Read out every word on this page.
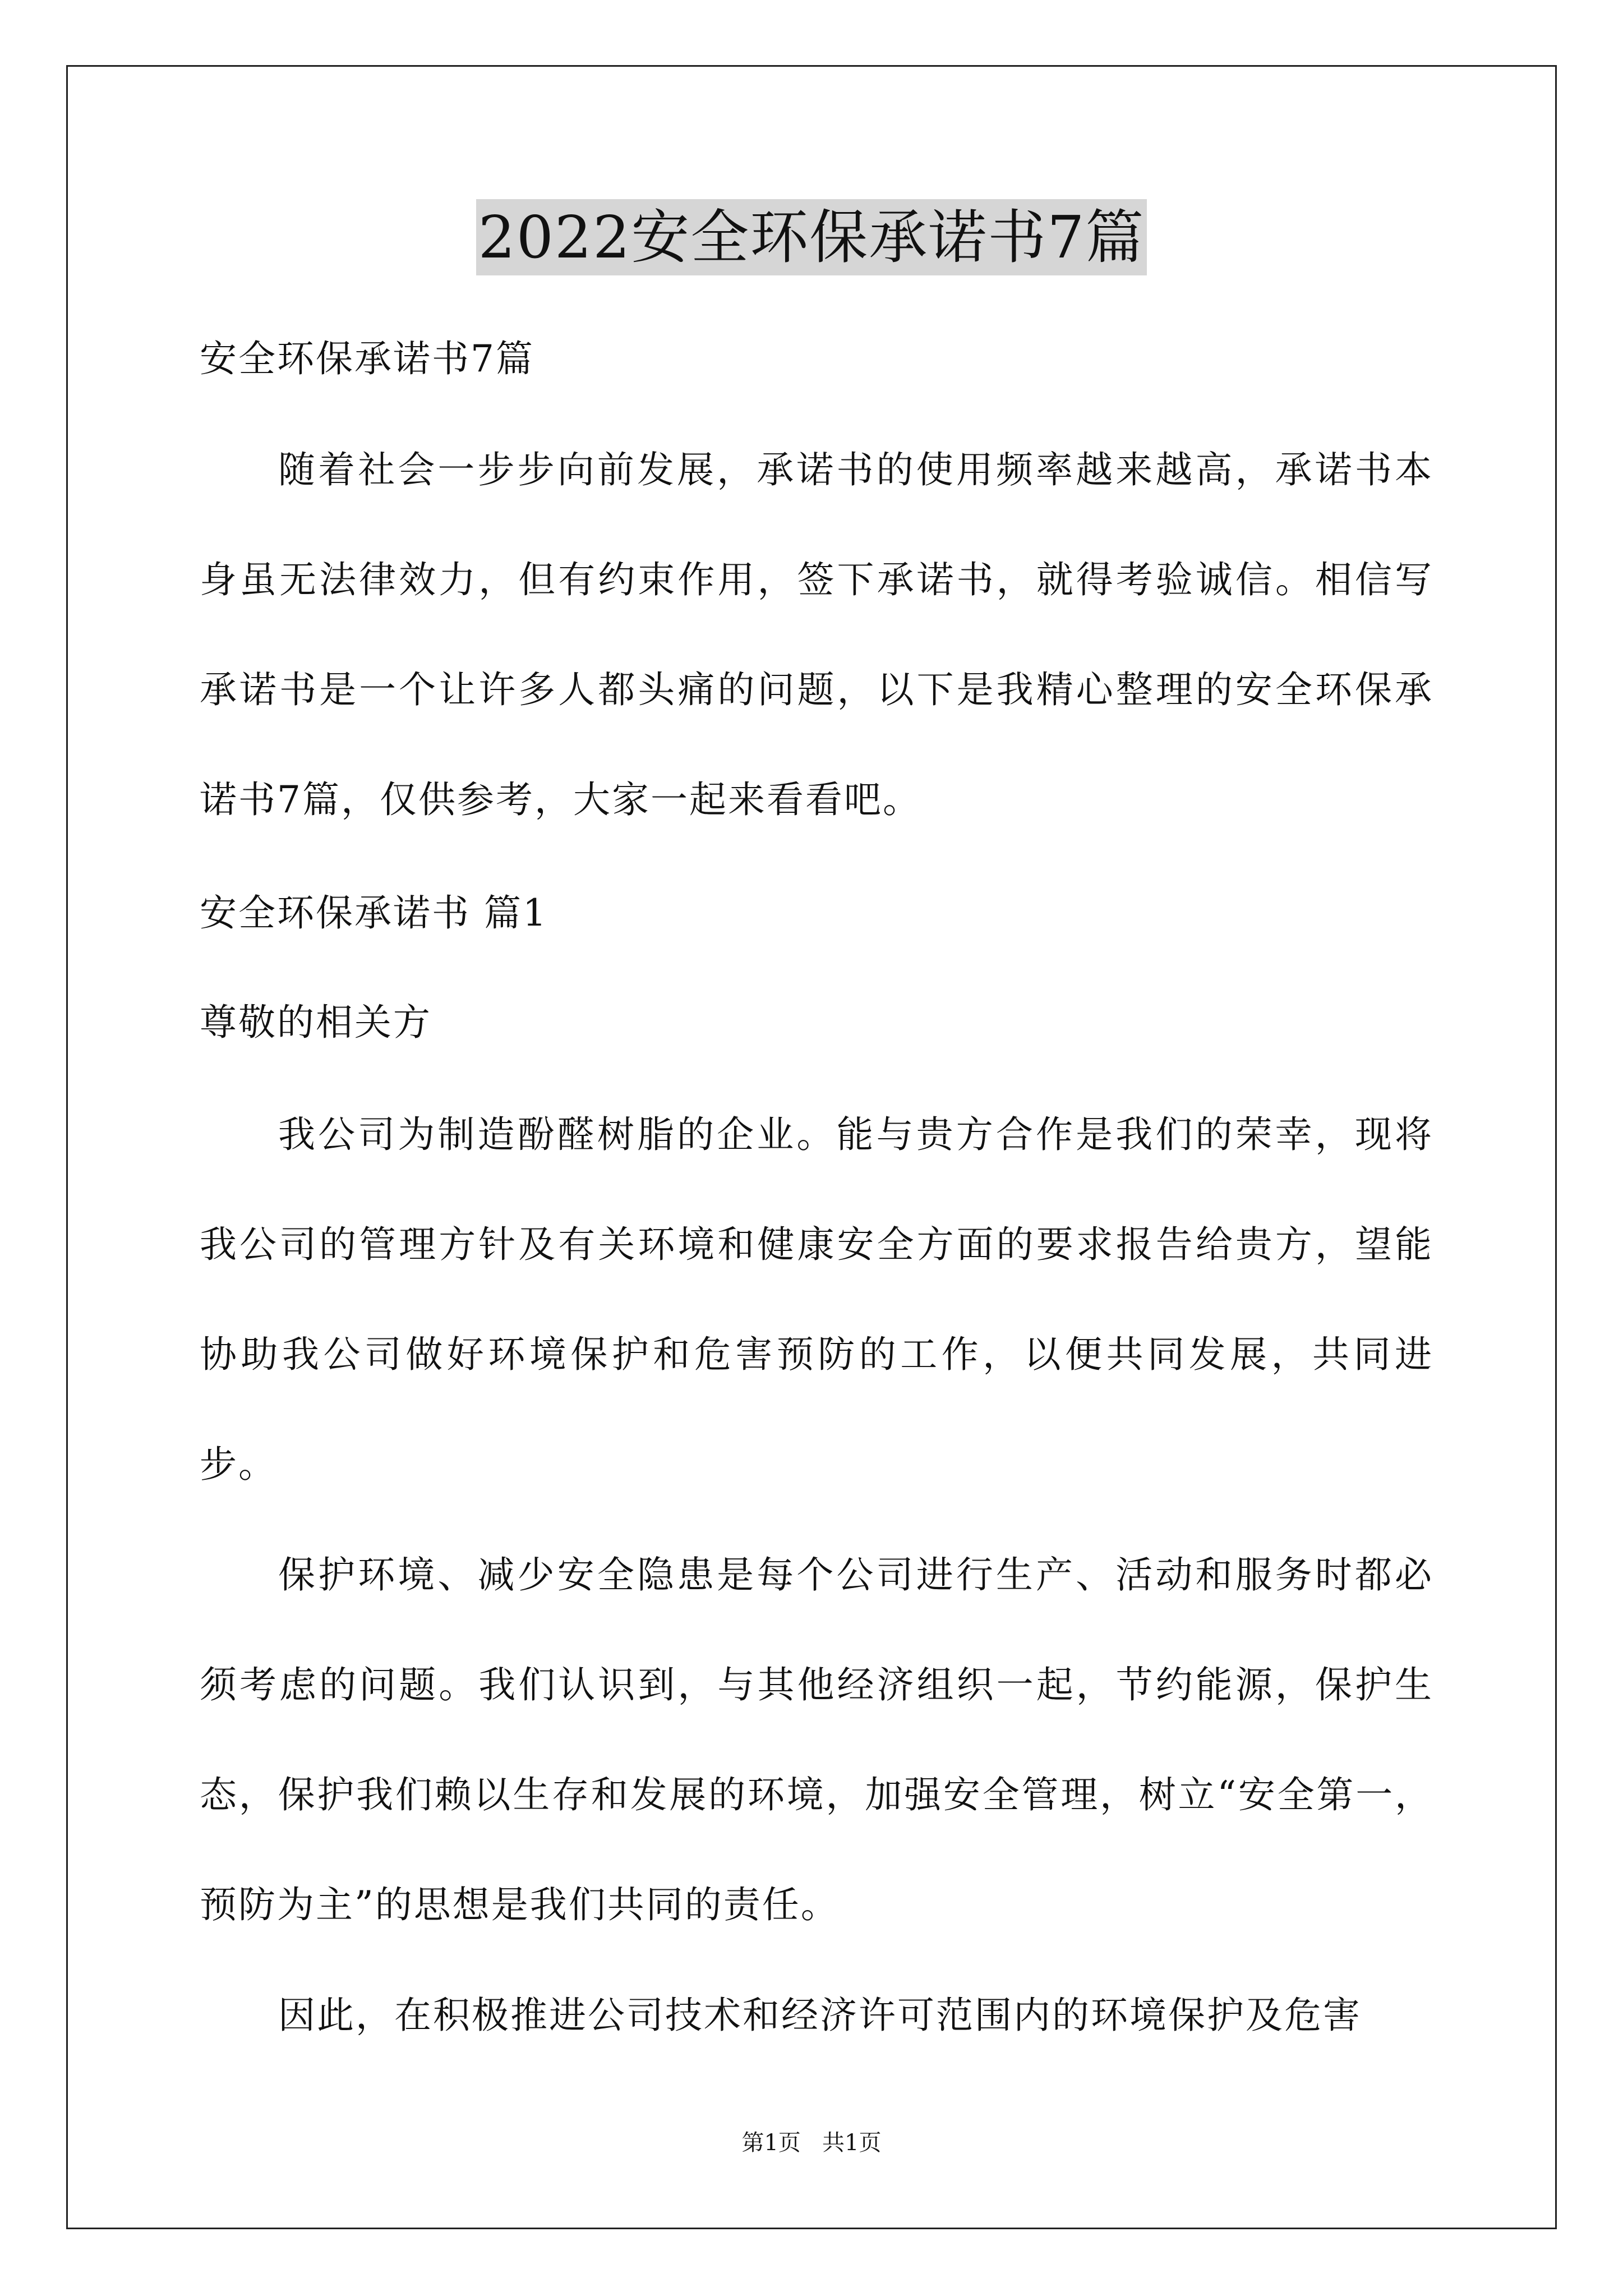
2022安全环保承诺书7篇

安全环保承诺书7篇

随着社会一步步向前发展，承诺书的使用频率越来越高，承诺书本身虽无法律效力，但有约束作用，签下承诺书，就得考验诚信。相信写承诺书是一个让许多人都头痛的问题，以下是我精心整理的安全环保承诺书7篇，仅供参考，大家一起来看看吧。

安全环保承诺书 篇1

尊敬的相关方

我公司为制造酚醛树脂的企业。能与贵方合作是我们的荣幸，现将我公司的管理方针及有关环境和健康安全方面的要求报告给贵方，望能协助我公司做好环境保护和危害预防的工作，以便共同发展，共同进步。

保护环境、减少安全隐患是每个公司进行生产、活动和服务时都必须考虑的问题。我们认识到，与其他经济组织一起，节约能源，保护生态，保护我们赖以生存和发展的环境，加强安全管理，树立“安全第一，预防为主”的思想是我们共同的责任。

因此，在积极推进公司技术和经济许可范围内的环境保护及危害

第1页   共1页
